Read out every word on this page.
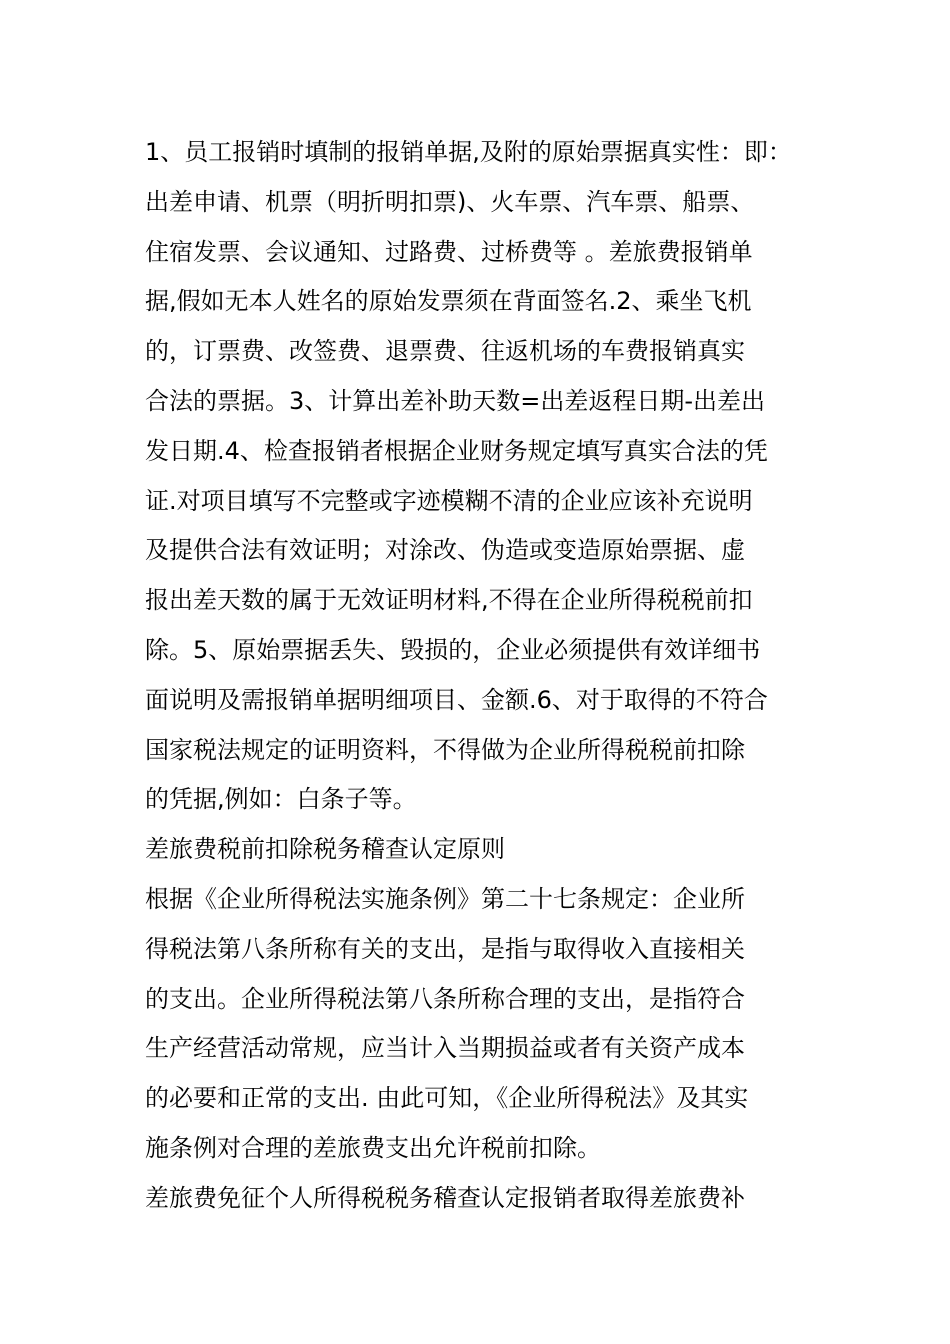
1、员工报销时填制的报销单据,及附的原始票据真实性：即：
出差申请、机票（明折明扣票)、火车票、汽车票、船票、
住宿发票、会议通知、过路费、过桥费等 。差旅费报销单
据,假如无本人姓名的原始发票须在背面签名.2、乘坐飞机
的，订票费、改签费、退票费、往返机场的车费报销真实
合法的票据。3、计算出差补助天数=出差返程日期-出差出
发日期.4、检查报销者根据企业财务规定填写真实合法的凭
证.对项目填写不完整或字迹模糊不清的企业应该补充说明
及提供合法有效证明；对涂改、伪造或变造原始票据、虚
报出差天数的属于无效证明材料,不得在企业所得税税前扣
除。5、原始票据丢失、毁损的，企业必须提供有效详细书
面说明及需报销单据明细项目、金额.6、对于取得的不符合
国家税法规定的证明资料，不得做为企业所得税税前扣除
的凭据,例如：白条子等。
差旅费税前扣除税务稽查认定原则
根据《企业所得税法实施条例》第二十七条规定：企业所
得税法第八条所称有关的支出，是指与取得收入直接相关
的支出。企业所得税法第八条所称合理的支出，是指符合
生产经营活动常规，应当计入当期损益或者有关资产成本
的必要和正常的支出. 由此可知，《企业所得税法》及其实
施条例对合理的差旅费支出允许税前扣除。
差旅费免征个人所得税税务稽查认定报销者取得差旅费补
